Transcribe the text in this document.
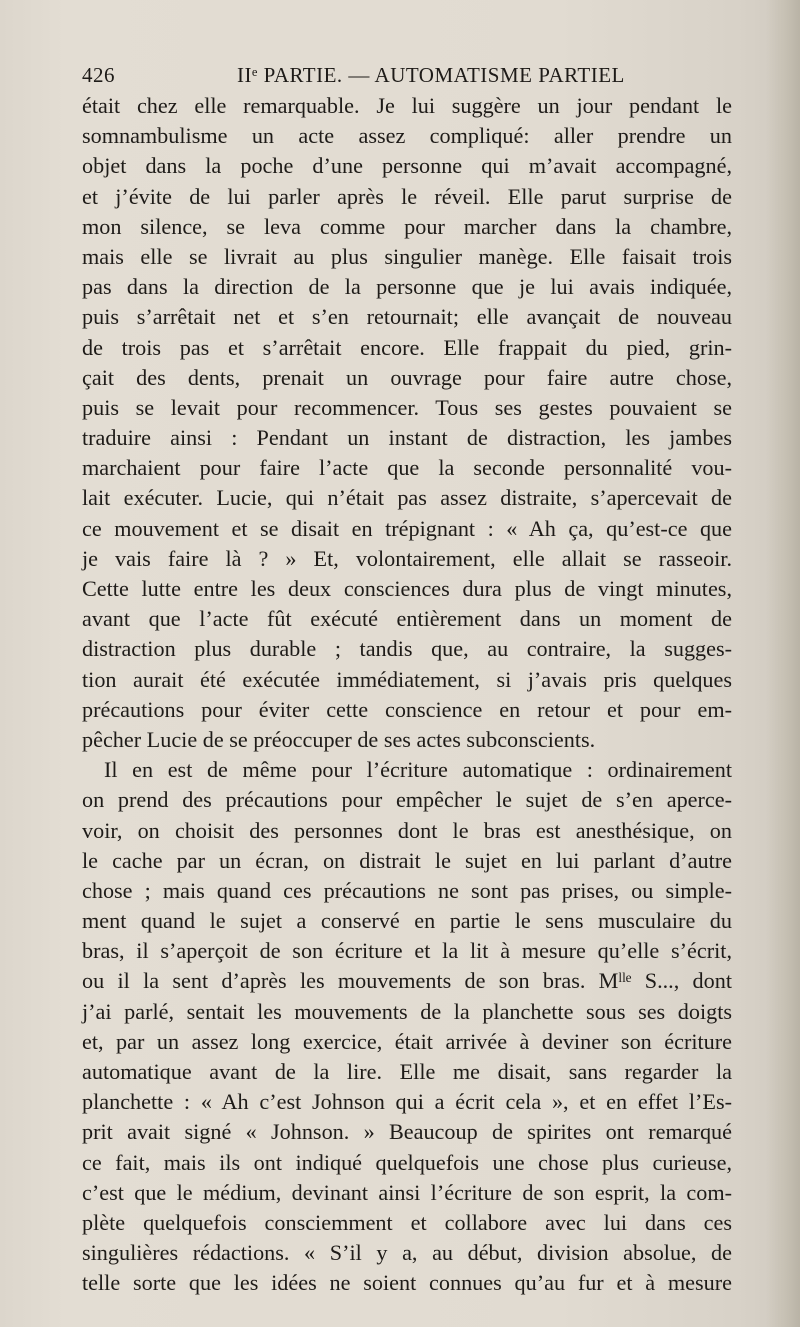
426	IIᵉ PARTIE. — AUTOMATISME PARTIEL
était chez elle remarquable. Je lui suggère un jour pendant le
somnambulisme un acte assez compliqué: aller prendre un
objet dans la poche d’une personne qui m’avait accompagné,
et j’évite de lui parler après le réveil. Elle parut surprise de
mon silence, se leva comme pour marcher dans la chambre,
mais elle se livrait au plus singulier manège. Elle faisait trois
pas dans la direction de la personne que je lui avais indiquée,
puis s’arrêtait net et s’en retournait; elle avançait de nouveau
de trois pas et s’arrêtait encore. Elle frappait du pied, grin-
çait des dents, prenait un ouvrage pour faire autre chose,
puis se levait pour recommencer. Tous ses gestes pouvaient se
traduire ainsi : Pendant un instant de distraction, les jambes
marchaient pour faire l’acte que la seconde personnalité vou-
lait exécuter. Lucie, qui n’était pas assez distraite, s’apercevait de
ce mouvement et se disait en trépignant : « Ah ça, qu’est-ce que
je vais faire là ? » Et, volontairement, elle allait se rasseoir.
Cette lutte entre les deux consciences dura plus de vingt minutes,
avant que l’acte fût exécuté entièrement dans un moment de
distraction plus durable ; tandis que, au contraire, la sugges-
tion aurait été exécutée immédiatement, si j’avais pris quelques
précautions pour éviter cette conscience en retour et pour em-
pêcher Lucie de se préoccuper de ses actes subconscients.
Il en est de même pour l’écriture automatique : ordinairement
on prend des précautions pour empêcher le sujet de s’en aperce-
voir, on choisit des personnes dont le bras est anesthésique, on
le cache par un écran, on distrait le sujet en lui parlant d’autre
chose ; mais quand ces précautions ne sont pas prises, ou simple-
ment quand le sujet a conservé en partie le sens musculaire du
bras, il s’aperçoit de son écriture et la lit à mesure qu’elle s’écrit,
ou il la sent d’après les mouvements de son bras. Mˡˡᵉ S..., dont
j’ai parlé, sentait les mouvements de la planchette sous ses doigts
et, par un assez long exercice, était arrivée à deviner son écriture
automatique avant de la lire. Elle me disait, sans regarder la
planchette : « Ah c’est Johnson qui a écrit cela », et en effet l’Es-
prit avait signé « Johnson. » Beaucoup de spirites ont remarqué
ce fait, mais ils ont indiqué quelquefois une chose plus curieuse,
c’est que le médium, devinant ainsi l’écriture de son esprit, la com-
plète quelquefois consciemment et collabore avec lui dans ces
singulières rédactions. « S’il y a, au début, division absolue, de
telle sorte que les idées ne soient connues qu’au fur et à mesure
